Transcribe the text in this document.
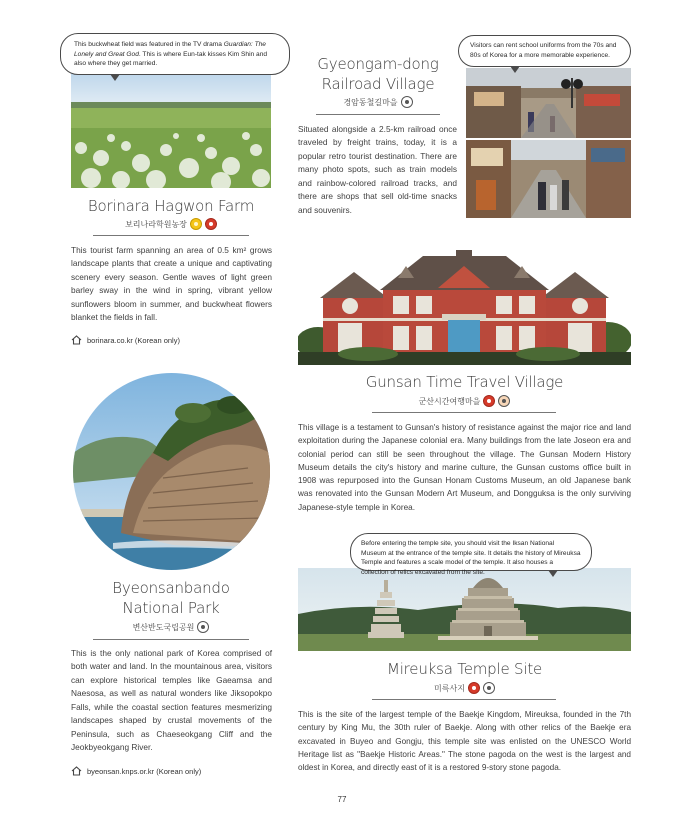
This buckwheat field was featured in the TV drama Guardian: The Lonely and Great God. This is where Eun-tak kisses Kim Shin and also where they get married.
Borinara Hagwon Farm
보리나라학원농장
This tourist farm spanning an area of 0.5 km² grows landscape plants that create a unique and captivating scenery every season. Gentle waves of light green barley sway in the wind in spring, vibrant yellow sunflowers bloom in summer, and buckwheat flowers blanket the fields in fall.
borinara.co.kr (Korean only)
Gyeongam-dong
Railroad Village
경암동철길마을
Situated alongside a 2.5-km railroad once traveled by freight trains, today, it is a popular retro tourist destination. There are many photo spots, such as train models and rainbow-colored railroad tracks, and there are shops that sell old-time snacks and souvenirs.
Visitors can rent school uniforms from the 70s and 80s of Korea for a more memorable experience.
Gunsan Time Travel Village
군산시간여행마을
This village is a testament to Gunsan's history of resistance against the major rice and land exploitation during the Japanese colonial era. Many buildings from the late Joseon era and colonial period can still be seen throughout the village. The Gunsan Modern History Museum details the city's history and marine culture, the Gunsan customs office built in 1908 was repurposed into the Gunsan Honam Customs Museum, an old Japanese bank was renovated into the Gunsan Modern Art Museum, and Dongguksa is the only surviving Japanese-style temple in Korea.
Byeonsanbando
National Park
변산반도국립공원
This is the only national park of Korea comprised of both water and land. In the mountainous area, visitors can explore historical temples like Gaeamsa and Naesosa, as well as natural wonders like Jiksopokpo Falls, while the coastal section features mesmerizing landscapes shaped by crustal movements of the Peninsula, such as Chaeseokgang Cliff and the Jeokbyeokgang River.
byeonsan.knps.or.kr (Korean only)
Before entering the temple site, you should visit the Iksan National Museum at the entrance of the temple site. It details the history of Mireuksa Temple and features a scale model of the temple. It also houses a collection of relics excavated from the site.
Mireuksa Temple Site
미륵사지
This is the site of the largest temple of the Baekje Kingdom, Mireuksa, founded in the 7th century by King Mu, the 30th ruler of Baekje. Along with other relics of the Baekje era excavated in Buyeo and Gongju, this temple site was enlisted on the UNESCO World Heritage list as "Baekje Historic Areas." The stone pagoda on the west is the largest and oldest in Korea, and directly east of it is a restored 9-story stone pagoda.
77
